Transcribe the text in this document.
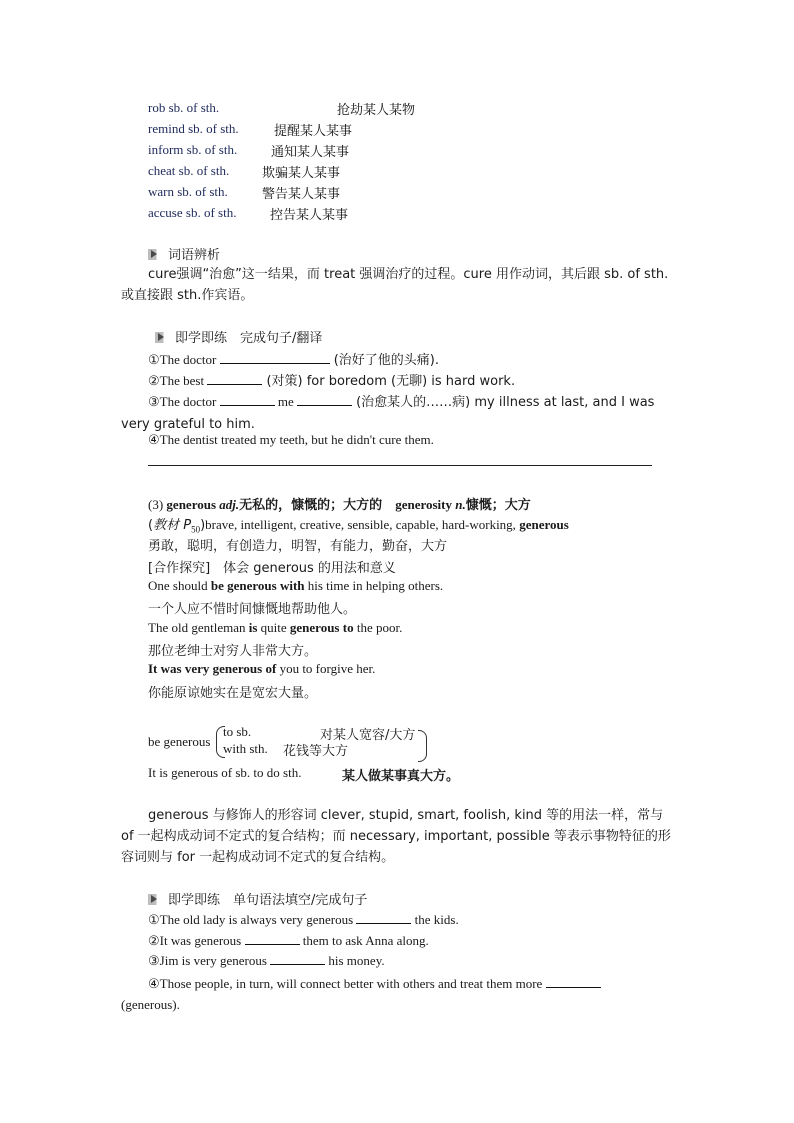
rob sb. of sth.	抢劫某人某物
remind sb. of sth.	提醒某人某事
inform sb. of sth.	通知某人某事
cheat sb. of sth.	欺骗某人某事
warn sb. of sth.	警告某人某事
accuse sb. of sth.	控告某人某事
词语辨析
cure强调“治愈”这一结果，而 treat 强调治疗的过程。cure 用作动词，其后跟 sb. of sth.或直接跟 sth.作宾语。
即学即练　完成句子/翻译
①The doctor	(治好了他的头痛).
②The best	(对策) for boredom (无聊) is hard work.
③The doctor	me	(治愈某人的……病) my illness at last, and I was very grateful to him.
④The dentist treated my teeth, but he didn't cure them.
(3) generous adj.无私的，慷慨的；大方的　 generosity n.慷慨；大方
(教材 $P_{50})brave$, intelligent, creative, sensible, capable, hard-working, generous
勇敢，聪明，有创造力，明智，有能力，勤奋，大方
[合作探究]　体会 generous 的用法和意义
One should be generous with his time in helping others.
一个人应不惜时间慷慨地帮助他人。
The old gentleman is quite generous to the poor.
那位老绅士对穷人非常大方。
It was very generous of you to forgive her.
你能原谅她实在是宽宏大量。
be generous
to sb.	对某人宽容/大方
with sth. 花钱等大方
It is generous of sb. to do sth.	某人做某事真大方。
generous 与修饰人的形容词 clever, stupid, smart, foolish, kind 等的用法一样，常与 of 一起构成动词不定式的复合结构；而 necessary, important, possible 等表示事物特征的形容词则与 for 一起构成动词不定式的复合结构。
即学即练　单句语法填空/完成句子
①The old lady is always very generous	the kids.
②It was generous	them to ask Anna along.
③Jim is very generous	his money.
④Those people, in turn, will connect better with others and treat them more
(generous).
